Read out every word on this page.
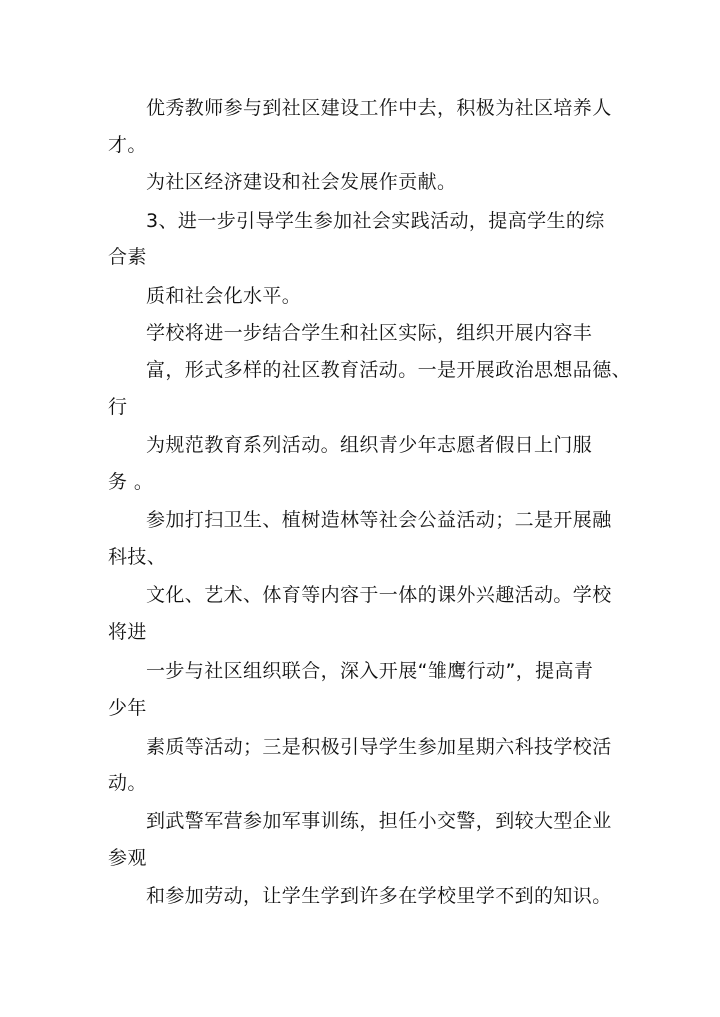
优秀教师参与到社区建设工作中去，积极为社区培养人
才。
为社区经济建设和社会发展作贡献。
3、进一步引导学生参加社会实践活动，提高学生的综
合素
质和社会化水平。
学校将进一步结合学生和社区实际，组织开展内容丰
富，形式多样的社区教育活动。一是开展政治思想品德、
行
为规范教育系列活动。组织青少年志愿者假日上门服
务 。
参加打扫卫生、植树造林等社会公益活动；二是开展融
科技、
文化、艺术、体育等内容于一体的课外兴趣活动。学校
将进
一步与社区组织联合，深入开展“雏鹰行动”，提高青
少年
素质等活动；三是积极引导学生参加星期六科技学校活
动。
到武警军营参加军事训练，担任小交警，到较大型企业
参观
和参加劳动，让学生学到许多在学校里学不到的知识。
